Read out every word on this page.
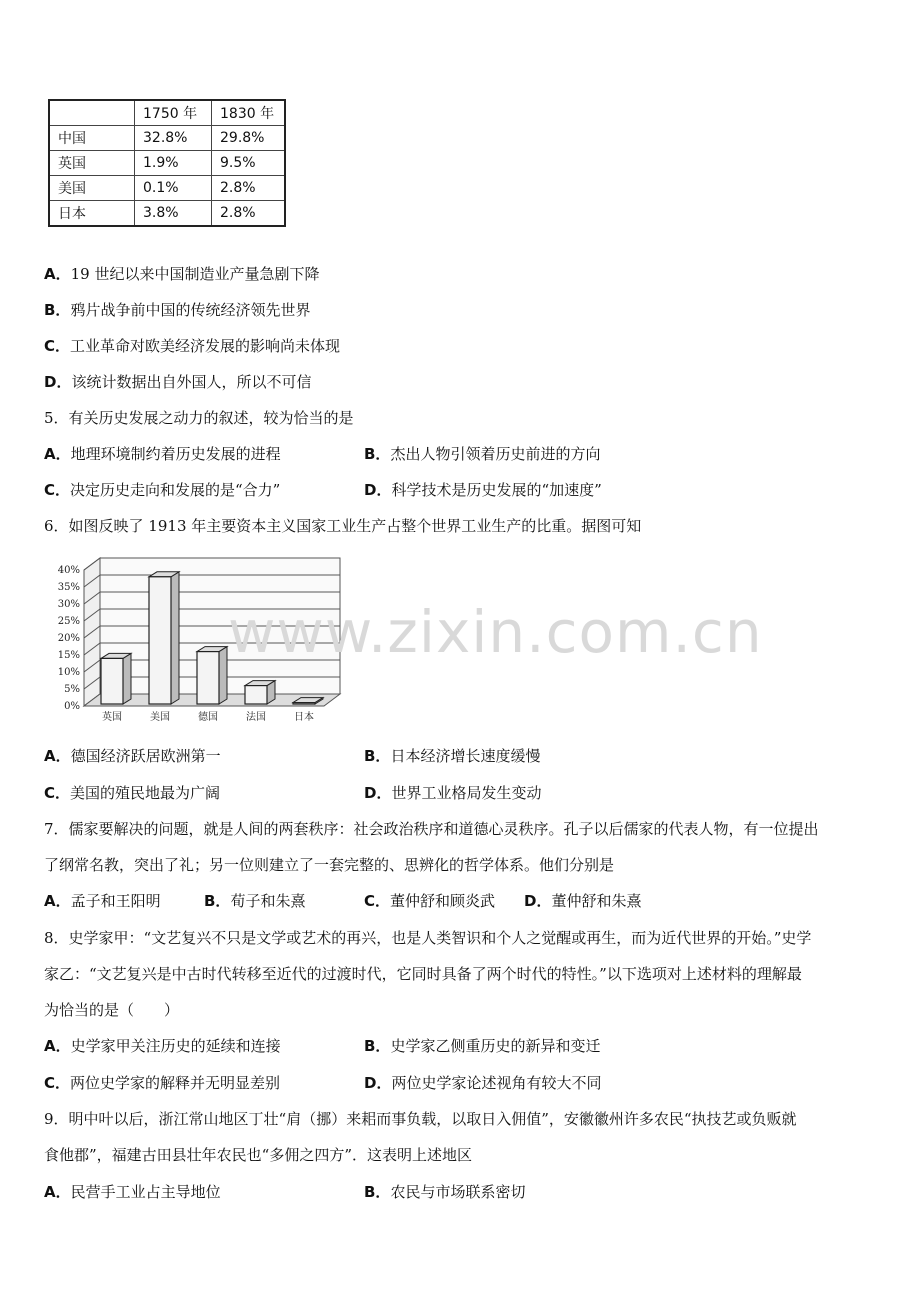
	1750 年	1830 年
中国	32.8%	29.8%
英国	1.9%	9.5%
美国	0.1%	2.8%
日本	3.8%	2.8%
A．19 世纪以来中国制造业产量急剧下降
B．鸦片战争前中国的传统经济领先世界
C．工业革命对欧美经济发展的影响尚未体现
D．该统计数据出自外国人，所以不可信
5．有关历史发展之动力的叙述，较为恰当的是
A．地理环境制约着历史发展的进程	B．杰出人物引领着历史前进的方向
C．决定历史走向和发展的是“合力”	D．科学技术是历史发展的“加速度”
6．如图反映了 1913 年主要资本主义国家工业生产占整个世界工业生产的比重。据图可知
0%
5%
10%
15%
20%
25%
30%
35%
40%
英国	美国	德国	法国	日本
www.zixin.com.cn
A．德国经济跃居欧洲第一	B．日本经济增长速度缓慢
C．美国的殖民地最为广阔	D．世界工业格局发生变动
7．儒家要解决的问题，就是人间的两套秩序：社会政治秩序和道德心灵秩序。孔子以后儒家的代表人物，有一位提出
了纲常名教，突出了礼；另一位则建立了一套完整的、思辨化的哲学体系。他们分别是
A．孟子和王阳明	B．荀子和朱熹	C．董仲舒和顾炎武 D．董仲舒和朱熹
8．史学家甲：“文艺复兴不只是文学或艺术的再兴，也是人类智识和个人之觉醒或再生，而为近代世界的开始。”史学
家乙：“文艺复兴是中古时代转移至近代的过渡时代，它同时具备了两个时代的特性。”以下选项对上述材料的理解最
为恰当的是（　　）
A．史学家甲关注历史的延续和连接	B．史学家乙侧重历史的新异和变迁
C．两位史学家的解释并无明显差别	D．两位史学家论述视角有较大不同
9．明中叶以后，浙江常山地区丁壮“肩（挪）来耜而事负载，以取日入佣值”，安徽徽州许多农民“执技艺或负贩就
食他郡”，福建古田县壮年农民也“多佣之四方”．这表明上述地区
A．民营手工业占主导地位	B．农民与市场联系密切
